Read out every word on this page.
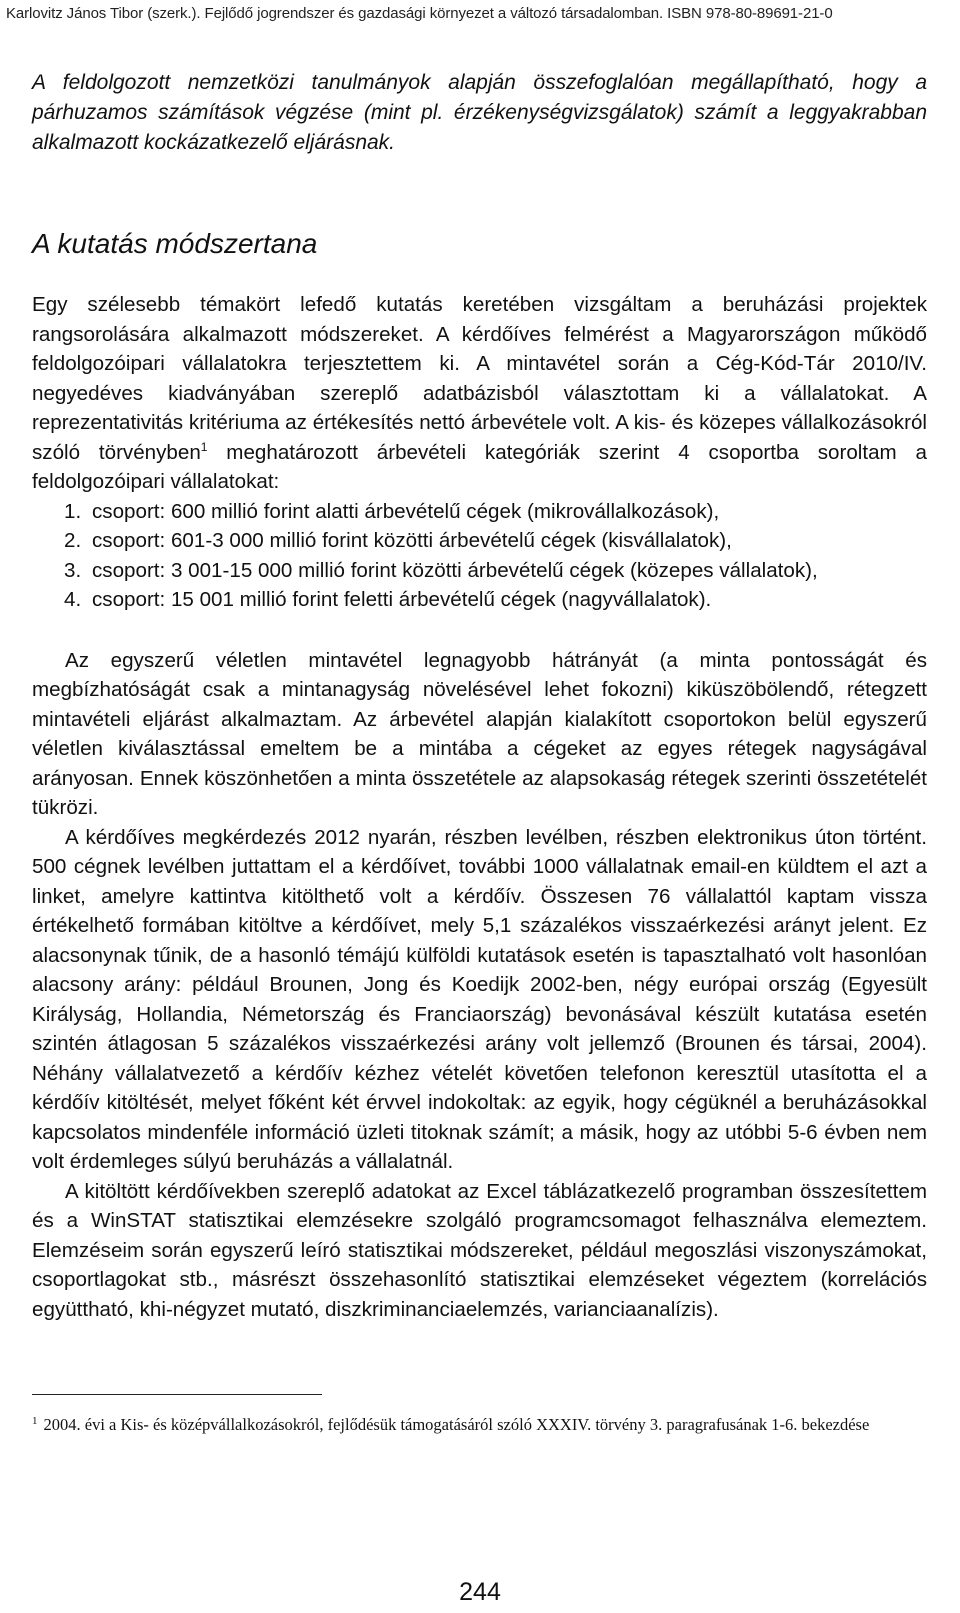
Karlovitz János Tibor (szerk.). Fejlődő jogrendszer és gazdasági környezet a változó társadalomban. ISBN 978-80-89691-21-0

A feldolgozott nemzetközi tanulmányok alapján összefoglalóan megállapítható, hogy a párhuzamos számítások végzése (mint pl. érzékenységvizsgálatok) számít a leggyakrabban alkalmazott kockázatkezelő eljárásnak.

A kutatás módszertana

Egy szélesebb témakört lefedő kutatás keretében vizsgáltam a beruházási projektek rangsorolására alkalmazott módszereket. A kérdőíves felmérést a Magyarországon működő feldolgozóipari vállalatokra terjesztettem ki. A mintavétel során a Cég-Kód-Tár 2010/IV. negyedéves kiadványában szereplő adatbázisból választottam ki a vállalatokat. A reprezentativitás kritériuma az értékesítés nettó árbevétele volt. A kis- és közepes vállalkozásokról szóló törvényben$^1$ meghatározott árbevételi kategóriák szerint 4 csoportba soroltam a feldolgozóipari vállalatokat:

1. csoport: 600 millió forint alatti árbevételű cégek (mikrovállalkozások),
2. csoport: 601-3 000 millió forint közötti árbevételű cégek (kisvállalatok),
3. csoport: 3 001-15 000 millió forint közötti árbevételű cégek (közepes vállalatok),
4. csoport: 15 001 millió forint feletti árbevételű cégek (nagyvállalatok).

Az egyszerű véletlen mintavétel legnagyobb hátrányát (a minta pontosságát és megbízhatóságát csak a mintanagyság növelésével lehet fokozni) kiküszöbölendő, rétegzett mintavételi eljárást alkalmaztam. Az árbevétel alapján kialakított csoportokon belül egyszerű véletlen kiválasztással emeltem be a mintába a cégeket az egyes rétegek nagyságával arányosan. Ennek köszönhetően a minta összetétele az alapsokaság rétegek szerinti összetételét tükrözi.

A kérdőíves megkérdezés 2012 nyarán, részben levélben, részben elektronikus úton történt. 500 cégnek levélben juttattam el a kérdőívet, további 1000 vállalatnak email-en küldtem el azt a linket, amelyre kattintva kitölthető volt a kérdőív. Összesen 76 vállalattól kaptam vissza értékelhető formában kitöltve a kérdőívet, mely 5,1 százalékos visszaérkezési arányt jelent. Ez alacsonynak tűnik, de a hasonló témájú külföldi kutatások esetén is tapasztalható volt hasonlóan alacsony arány: például Brounen, Jong és Koedijk 2002-ben, négy európai ország (Egyesült Királyság, Hollandia, Németország és Franciaország) bevonásával készült kutatása esetén szintén átlagosan 5 százalékos visszaérkezési arány volt jellemző (Brounen és társai, 2004). Néhány vállalatvezető a kérdőív kézhez vételét követően telefonon keresztül utasította el a kérdőív kitöltését, melyet főként két érvvel indokoltak: az egyik, hogy cégüknél a beruházásokkal kapcsolatos mindenféle információ üzleti titoknak számít; a másik, hogy az utóbbi 5-6 évben nem volt érdemleges súlyú beruházás a vállalatnál.

A kitöltött kérdőívekben szereplő adatokat az Excel táblázatkezelő programban összesítettem és a WinSTAT statisztikai elemzésekre szolgáló programcsomagot felhasználva elemeztem. Elemzéseim során egyszerű leíró statisztikai módszereket, például megoszlási viszonyszámokat, csoportlagokat stb., másrészt összehasonlító statisztikai elemzéseket végeztem (korrelációs együttható, khi-négyzet mutató, diszkriminanciaelemzés, varianciaanalízis).

$^1$ 2004. évi a Kis- és középvállalkozásokról, fejlődésük támogatásáról szóló XXXIV. törvény 3. paragrafusának 1-6. bekezdése
244
